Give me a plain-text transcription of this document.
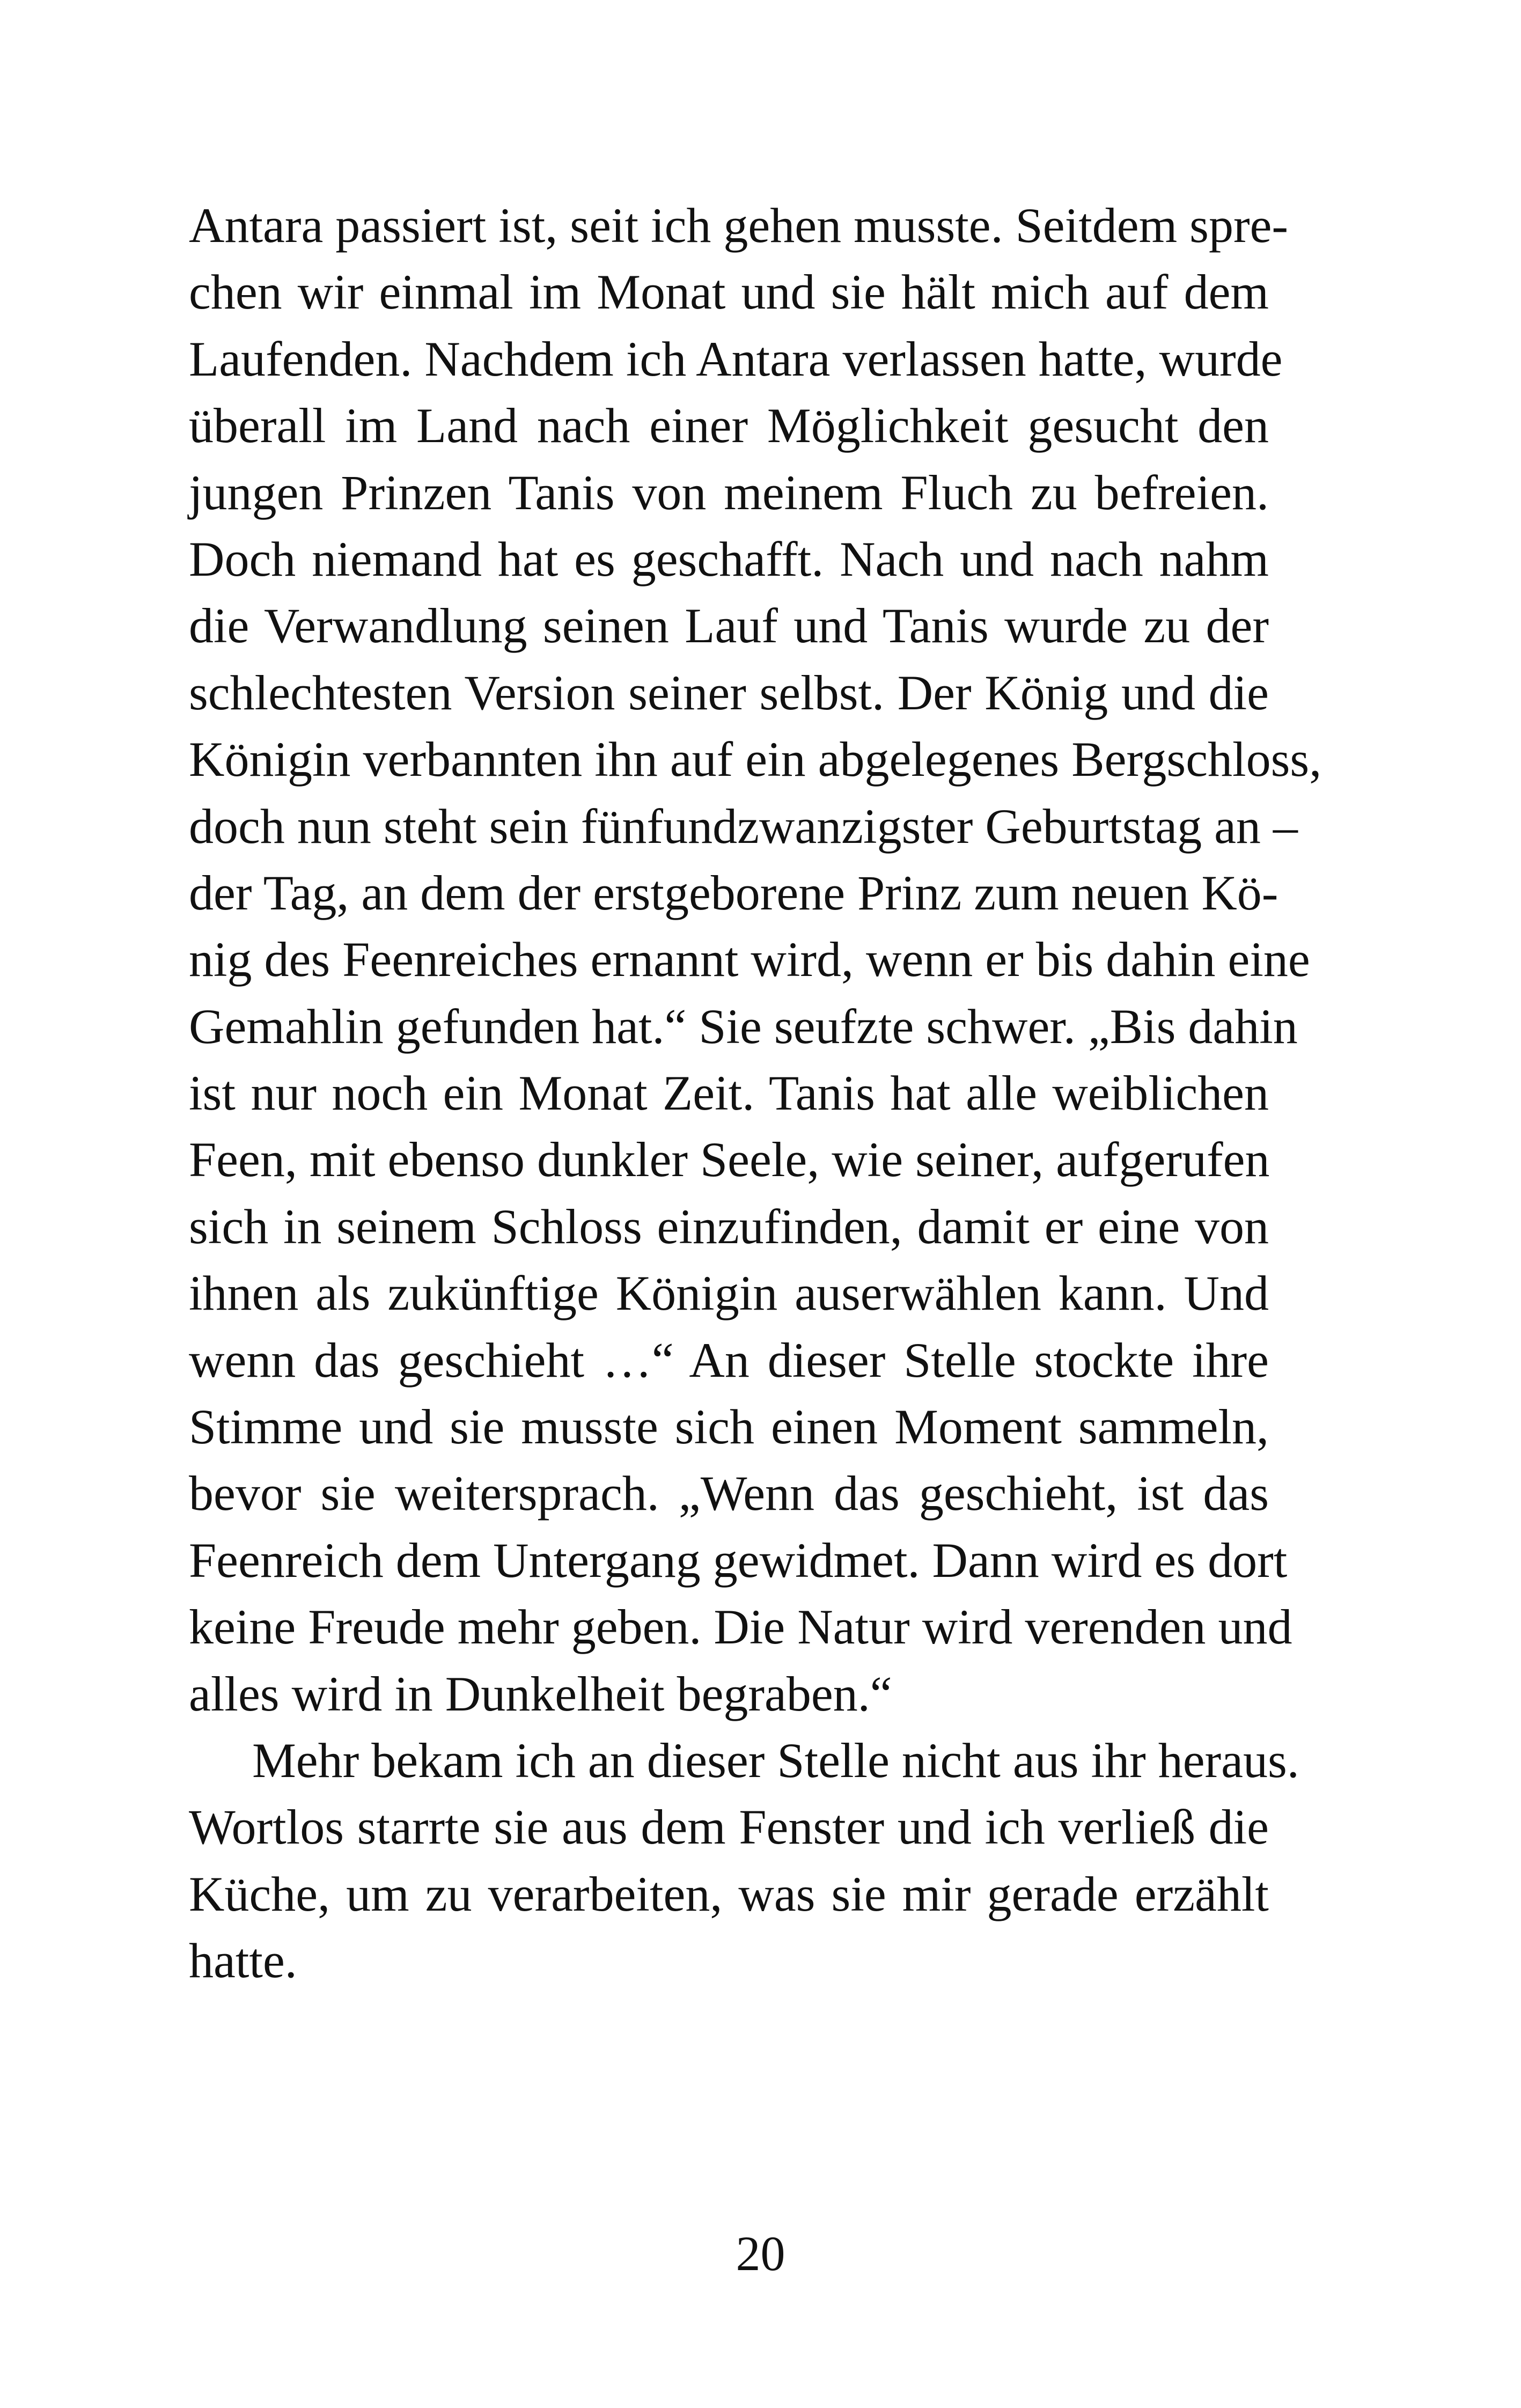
Antara passiert ist, seit ich gehen musste. Seitdem spre-
chen wir einmal im Monat und sie hält mich auf dem
Laufenden. Nachdem ich Antara verlassen hatte, wurde
überall im Land nach einer Möglichkeit gesucht den
jungen Prinzen Tanis von meinem Fluch zu befreien.
Doch niemand hat es geschafft. Nach und nach nahm
die Verwandlung seinen Lauf und Tanis wurde zu der
schlechtesten Version seiner selbst. Der König und die
Königin verbannten ihn auf ein abgelegenes Bergschloss,
doch nun steht sein fünfundzwanzigster Geburtstag an –
der Tag, an dem der erstgeborene Prinz zum neuen Kö-
nig des Feenreiches ernannt wird, wenn er bis dahin eine
Gemahlin gefunden hat.“ Sie seufzte schwer. „Bis dahin
ist nur noch ein Monat Zeit. Tanis hat alle weiblichen
Feen, mit ebenso dunkler Seele, wie seiner, aufgerufen
sich in seinem Schloss einzufinden, damit er eine von
ihnen als zukünftige Königin auserwählen kann. Und
wenn das geschieht …“ An dieser Stelle stockte ihre
Stimme und sie musste sich einen Moment sammeln,
bevor sie weitersprach. „Wenn das geschieht, ist das
Feenreich dem Untergang gewidmet. Dann wird es dort
keine Freude mehr geben. Die Natur wird verenden und
alles wird in Dunkelheit begraben.“
Mehr bekam ich an dieser Stelle nicht aus ihr heraus.
Wortlos starrte sie aus dem Fenster und ich verließ die
Küche, um zu verarbeiten, was sie mir gerade erzählt
hatte.
20
